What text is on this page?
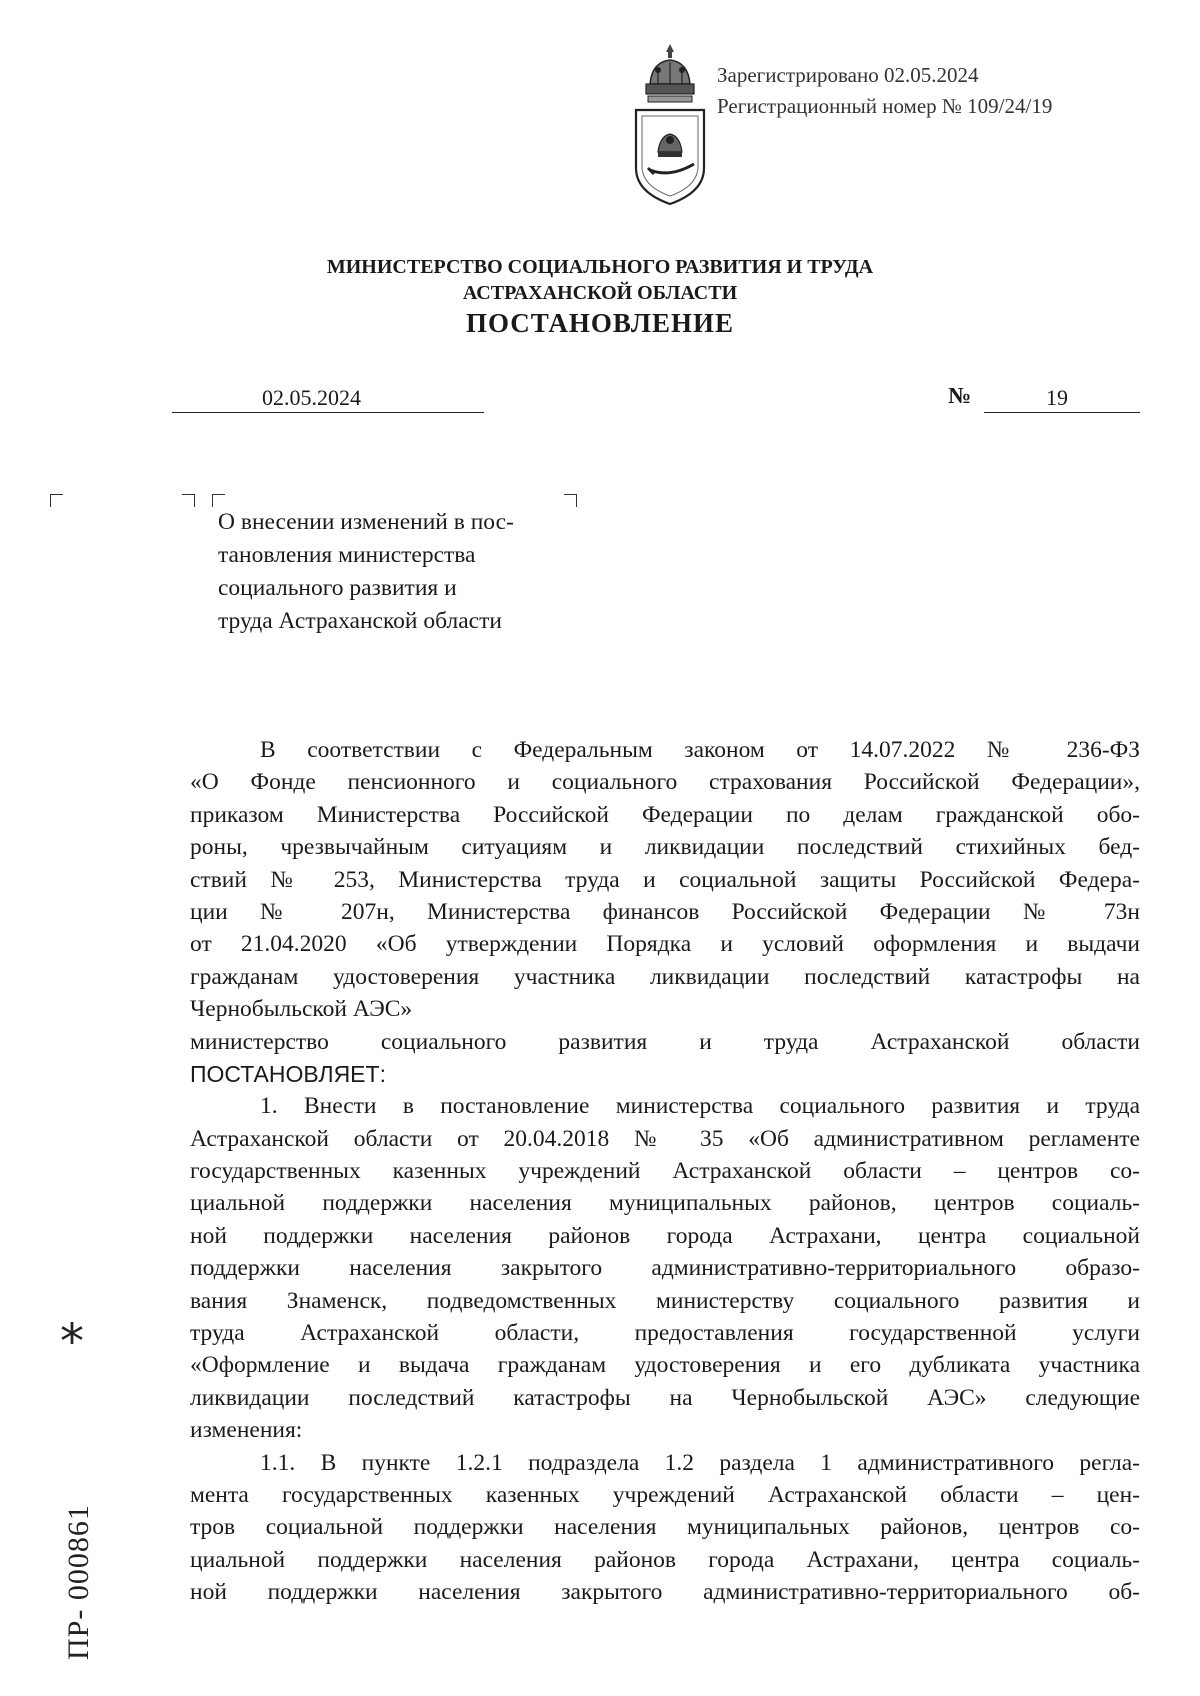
Зарегистрировано 02.05.2024
Регистрационный номер № 109/24/19
МИНИСТЕРСТВО СОЦИАЛЬНОГО РАЗВИТИЯ И ТРУДА
АСТРАХАНСКОЙ ОБЛАСТИ
ПОСТАНОВЛЕНИЕ
02.05.2024	№	19
О внесении изменений в пос-
тановления министерства
социального развития и
труда Астраханской области
В соответствии с Федеральным законом от 14.07.2022 № 236-ФЗ
«О Фонде пенсионного и социального страхования Российской Федерации»,
приказом Министерства Российской Федерации по делам гражданской обо-
роны, чрезвычайным ситуациям и ликвидации последствий стихийных бед-
ствий № 253, Министерства труда и социальной защиты Российской Федера-
ции № 207н, Министерства финансов Российской Федерации № 73н
от 21.04.2020 «Об утверждении Порядка и условий оформления и выдачи
гражданам удостоверения участника ликвидации последствий катастрофы на
Чернобыльской АЭС»
министерство социального развития и труда Астраханской области
ПОСТАНОВЛЯЕТ:
1. Внести в постановление министерства социального развития и труда
Астраханской области от 20.04.2018 № 35 «Об административном регламенте
государственных казенных учреждений Астраханской области – центров со-
циальной поддержки населения муниципальных районов, центров социаль-
ной поддержки населения районов города Астрахани, центра социальной
поддержки населения закрытого административно-территориального образо-
вания Знаменск, подведомственных министерству социального развития и
труда Астраханской области, предоставления государственной услуги
«Оформление и выдача гражданам удостоверения и его дубликата участника
ликвидации последствий катастрофы на Чернобыльской АЭС» следующие
изменения:
1.1. В пункте 1.2.1 подраздела 1.2 раздела 1 административного регла-
мента государственных казенных учреждений Астраханской области – цен-
тров социальной поддержки населения муниципальных районов, центров со-
циальной поддержки населения районов города Астрахани, центра социаль-
ной поддержки населения закрытого административно-территориального об-
*
ПР- 000861
